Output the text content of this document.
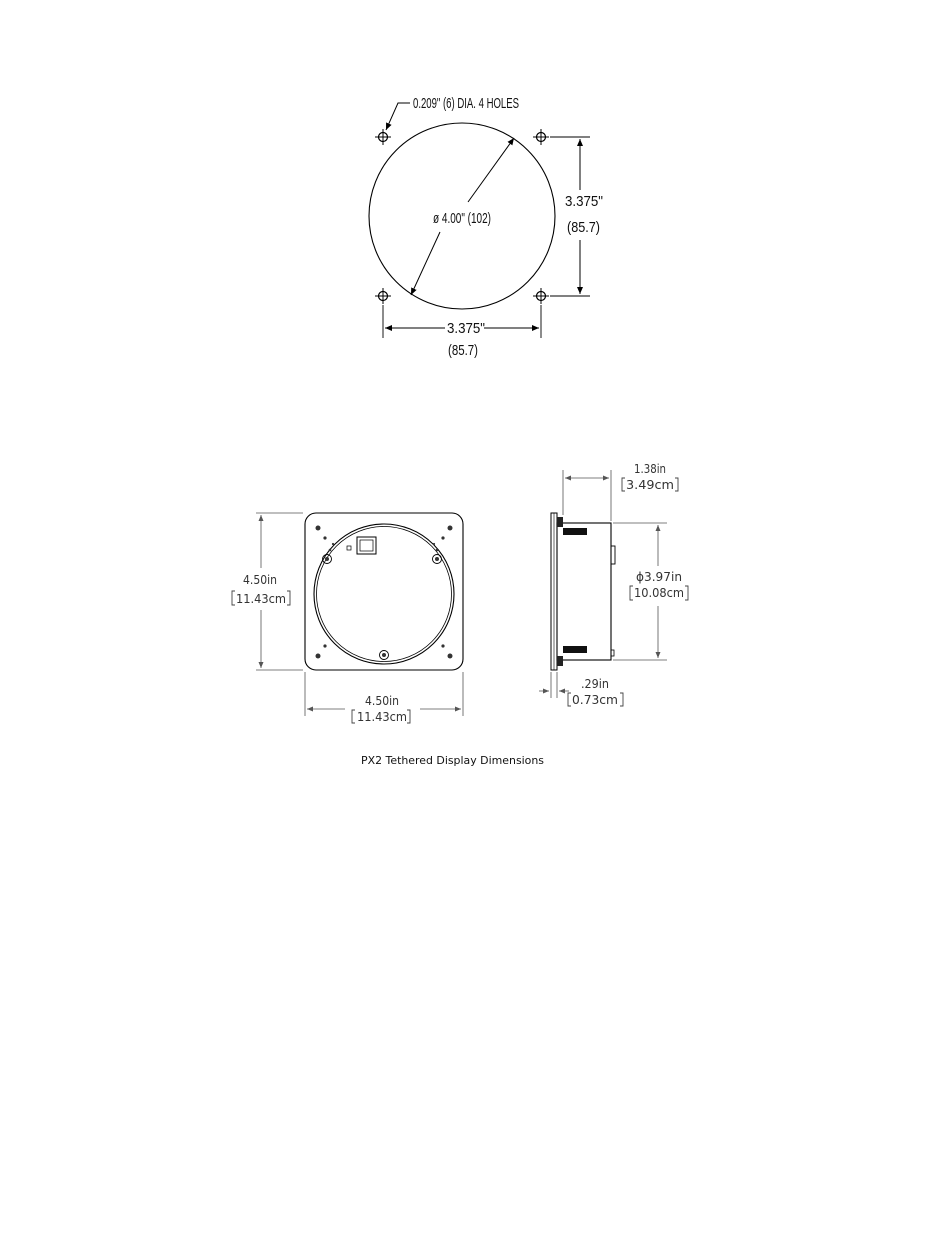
0.209" (6) DIA. 4 HOLES
ø 4.00" (102)
3.375"
(85.7)
3.375"
(85.7)
4.50in
11.43cm
4.50in
11.43cm
1.38in
3.49cm
ϕ3.97in
10.08cm
.29in
0.73cm
PX2 Tethered Display Dimensions
